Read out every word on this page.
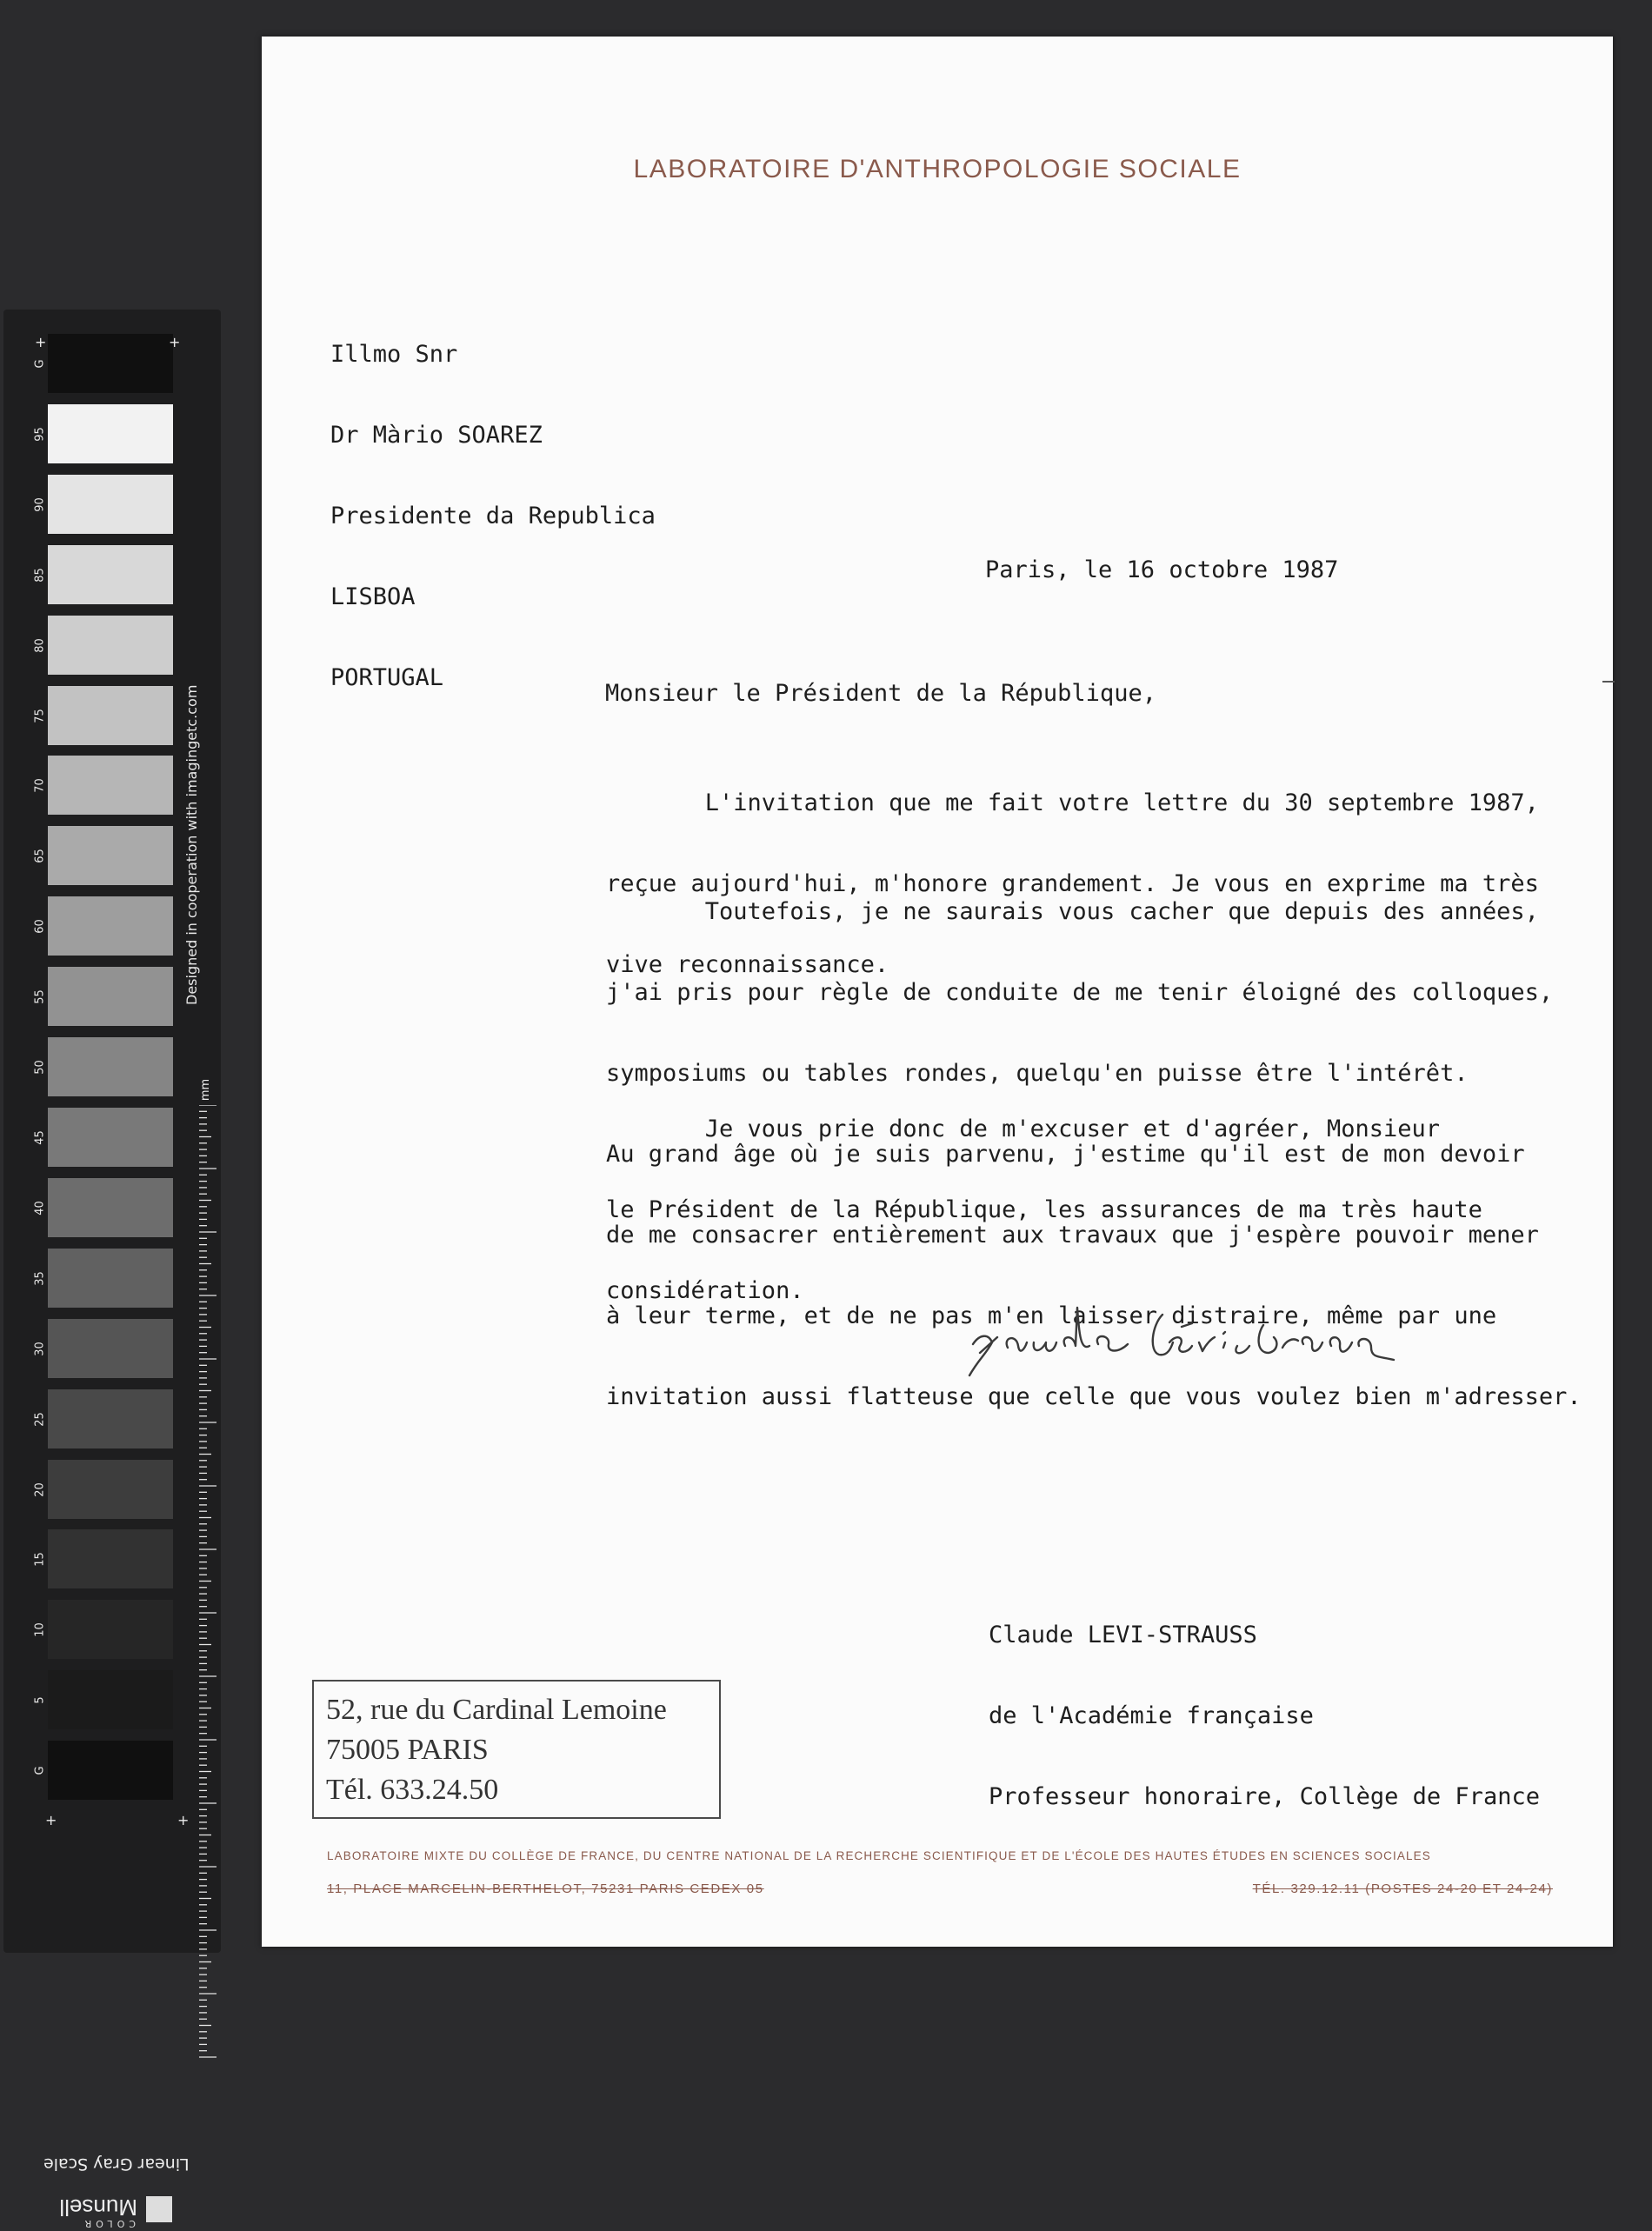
G
95
90
85
80
75
70
65
60
55
50
45
40
35
30
25
20
15
10
5
G
+	+
+	+
Designed in cooperation with imagingetc.com
mm
Linear Gray Scale
COLOR
Munsell
LABORATOIRE D'ANTHROPOLOGIE SOCIALE

Illmo Snr

Dr Màrio SOAREZ

Presidente da Republica

LISBOA

PORTUGAL

Paris, le 16 octobre 1987
Monsieur le Président de la République,

L'invitation que me fait votre lettre du 30 septembre 1987,

reçue aujourd'hui, m'honore grandement. Je vous en exprime ma très

vive reconnaissance.

Toutefois, je ne saurais vous cacher que depuis des années,

j'ai pris pour règle de conduite de me tenir éloigné des colloques,

symposiums ou tables rondes, quelqu'en puisse être l'intérêt.

Au grand âge où je suis parvenu, j'estime qu'il est de mon devoir

de me consacrer entièrement aux travaux que j'espère pouvoir mener

à leur terme, et de ne pas m'en laisser distraire, même par une

invitation aussi flatteuse que celle que vous voulez bien m'adresser.

Je vous prie donc de m'excuser et d'agréer, Monsieur

le Président de la République, les assurances de ma très haute

considération.

Claude LEVI-STRAUSS

de l'Académie française

Professeur honoraire, Collège de France

52, rue du Cardinal Lemoine
75005 PARIS
Tél. 633.24.50
LABORATOIRE MIXTE DU COLLÈGE DE FRANCE, DU CENTRE NATIONAL DE LA RECHERCHE SCIENTIFIQUE ET DE L'ÉCOLE DES HAUTES ÉTUDES EN SCIENCES SOCIALES
11, PLACE MARCELIN-BERTHELOT, 75231 PARIS CEDEX 05	TÉL. 329.12.11 (POSTES 24-20 ET 24-24)
